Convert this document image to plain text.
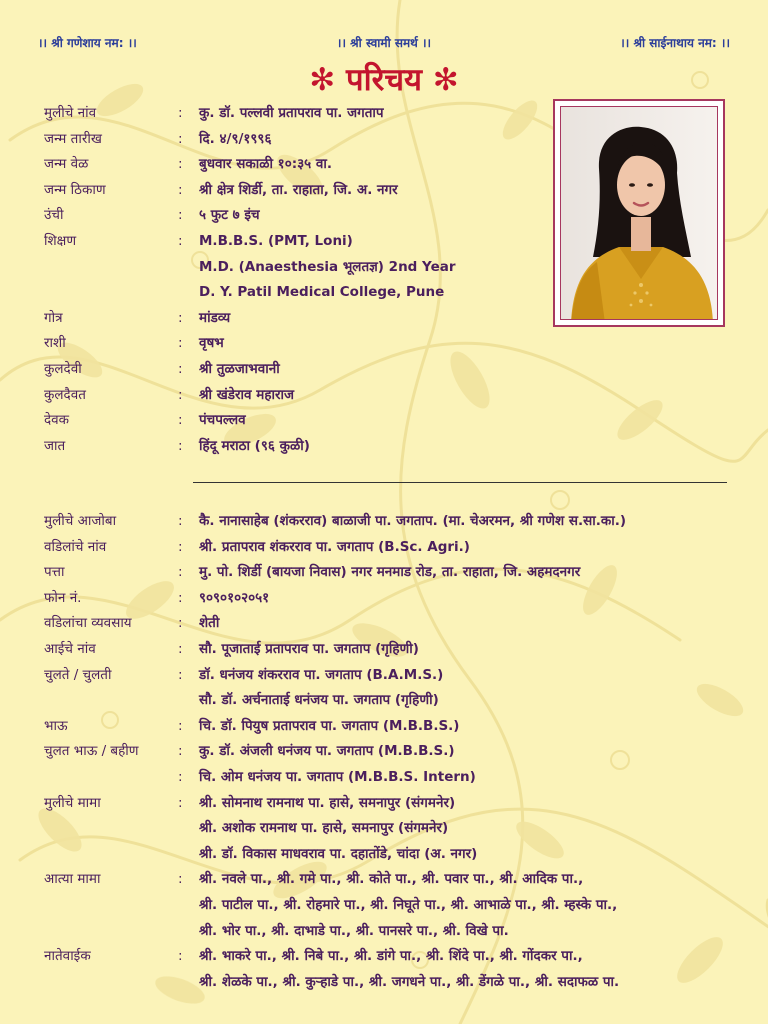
।। श्री गणेशाय नम: ।।	।। श्री स्वामी समर्थ ।।	।। श्री साईनाथाय नम: ।।
✻ परिचय ✻
मुलीचे नांव	: कु. डॉ. पल्लवी प्रतापराव पा. जगताप
जन्म तारीख	: दि. ४/९/१९९६
जन्म वेळ	: बुधवार सकाळी १०:३५ वा.
जन्म ठिकाण	: श्री क्षेत्र शिर्डी, ता. राहाता, जि. अ. नगर
उंची	: ५ फुट ७ इंच
शिक्षण	: M.B.B.S. (PMT, Loni)
M.D. (Anaesthesia भूलतज्ञ) 2nd Year
D. Y. Patil Medical College, Pune
गोत्र	: मांडव्य
राशी	: वृषभ
कुलदेवी	: श्री तुळजाभवानी
कुलदैवत	: श्री खंडेराव महाराज
देवक	: पंचपल्लव
जात	: हिंदू मराठा (९६ कुळी)
मुलीचे आजोबा	: कै. नानासाहेब (शंकरराव) बाळाजी पा. जगताप. (मा. चेअरमन, श्री गणेश स.सा.का.)
वडिलांचे नांव	: श्री. प्रतापराव शंकरराव पा. जगताप (B.Sc. Agri.)
पत्ता	: मु. पो. शिर्डी (बायजा निवास) नगर मनमाड रोड, ता. राहाता, जि. अहमदनगर
फोन नं.	: ९०९०१०२०५१
वडिलांचा व्यवसाय	: शेती
आईचे नांव	: सौ. पूजाताई प्रतापराव पा. जगताप (गृहिणी)
चुलते / चुलती	: डॉ. धनंजय शंकरराव पा. जगताप (B.A.M.S.)
सौ. डॉ. अर्चनाताई धनंजय पा. जगताप (गृहिणी)
भाऊ	: चि. डॉ. पियुष प्रतापराव पा. जगताप (M.B.B.S.)
चुलत भाऊ / बहीण	: कु. डॉ. अंजली धनंजय पा. जगताप (M.B.B.S.)
: चि. ओम धनंजय पा. जगताप (M.B.B.S. Intern)
मुलीचे मामा	: श्री. सोमनाथ रामनाथ पा. हासे, समनापुर (संगमनेर)
श्री. अशोक रामनाथ पा. हासे, समनापुर (संगमनेर)
श्री. डॉ. विकास माधवराव पा. दहातोंडे, चांदा (अ. नगर)
आत्या मामा	: श्री. नवले पा., श्री. गमे पा., श्री. कोते पा., श्री. पवार पा., श्री. आदिक पा.,
श्री. पाटील पा., श्री. रोहमारे पा., श्री. निघूते पा., श्री. आभाळे पा., श्री. म्हस्के पा.,
श्री. भोर पा., श्री. दाभाडे पा., श्री. पानसरे पा., श्री. विखे पा.
नातेवाईक	: श्री. भाकरे पा., श्री. निबे पा., श्री. डांगे पा., श्री. शिंदे पा., श्री. गोंदकर पा.,
श्री. शेळके पा., श्री. कुऱ्हाडे पा., श्री. जगधने पा., श्री. डेंगळे पा., श्री. सदाफळ पा.
